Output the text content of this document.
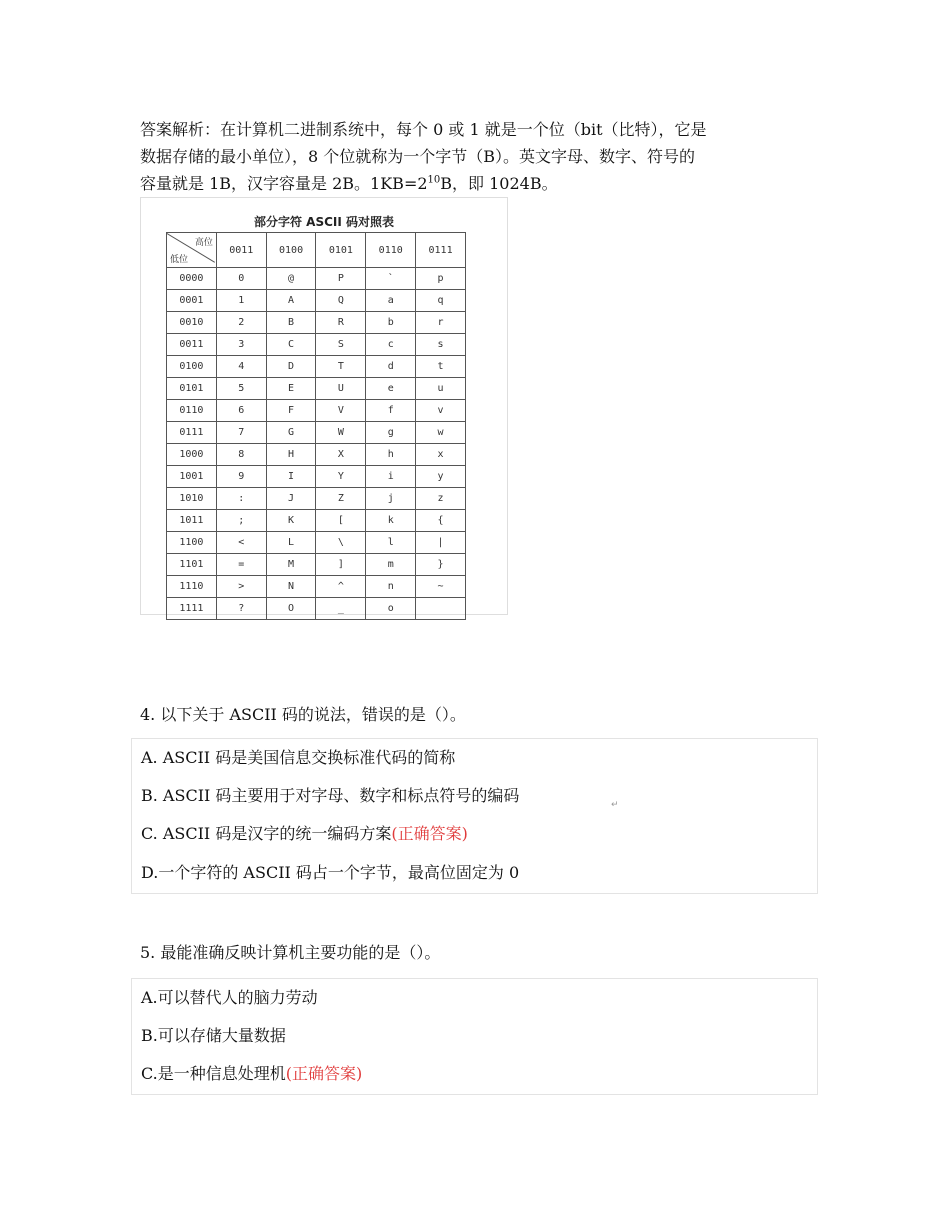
答案解析：在计算机二进制系统中，每个 0 或 1 就是一个位（bit（比特），它是
数据存储的最小单位），8 个位就称为一个字节（B）。英文字母、数字、符号的
容量就是 1B，汉字容量是 2B。$1KB=2^{10}B$，即 1024B。
部分字符 ASCII 码对照表
高位
低位	0011	0100	0101	0110	0111
0000	0	@	P	`	p
0001	1	A	Q	a	q
0010	2	B	R	b	r
0011	3	C	S	c	s
0100	4	D	T	d	t
0101	5	E	U	e	u
0110	6	F	V	f	v
0111	7	G	W	g	w
1000	8	H	X	h	x
1001	9	I	Y	i	y
1010	:	J	Z	j	z
1011	;	K	[	k	{
1100	<	L	\	l	|
1101	=	M	]	m	}
1110	>	N	^	n	~
1111	?	O	_	o	
↵
4. 以下关于 ASCII 码的说法，错误的是（）。
A. ASCII 码是美国信息交换标准代码的简称
B. ASCII 码主要用于对字母、数字和标点符号的编码
C. ASCII 码是汉字的统一编码方案(正确答案)
D.一个字符的 ASCII 码占一个字节，最高位固定为 0
5. 最能准确反映计算机主要功能的是（）。
A.可以替代人的脑力劳动
B.可以存储大量数据
C.是一种信息处理机(正确答案)
